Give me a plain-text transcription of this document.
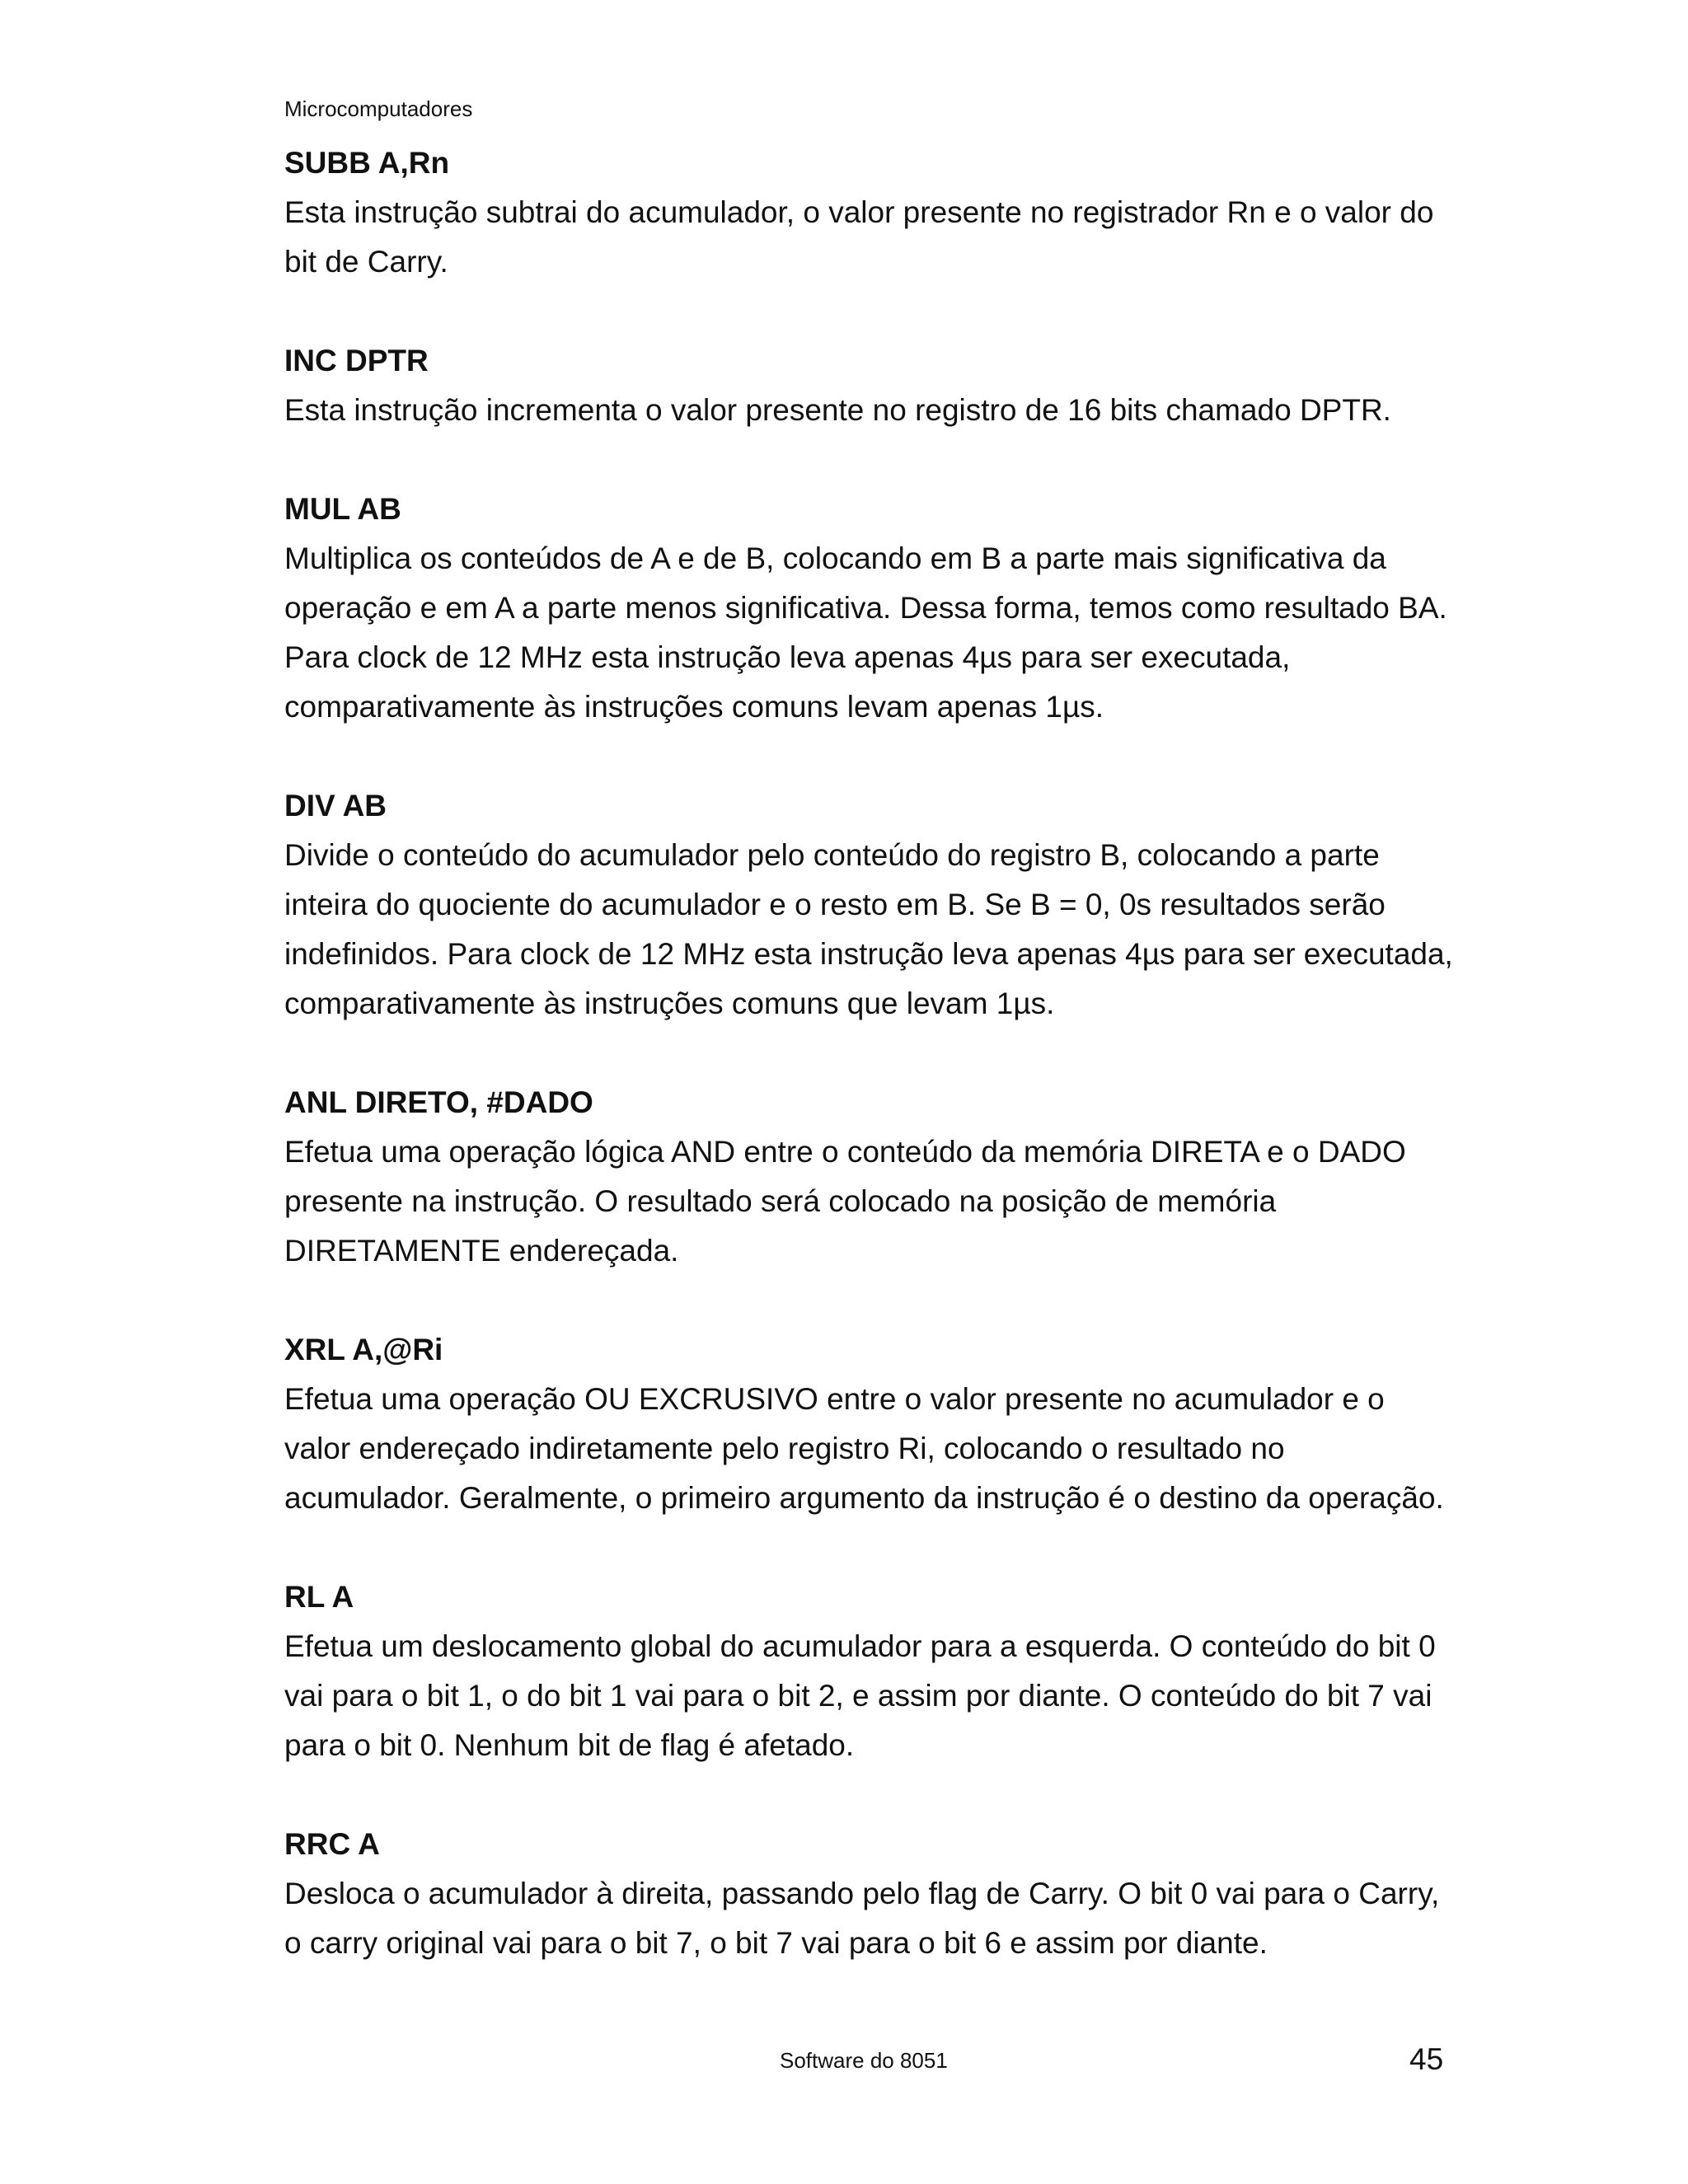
Microcomputadores

SUBB A,Rn

Esta instrução subtrai do acumulador, o valor presente no registrador Rn e o valor do bit de Carry.

INC DPTR

Esta instrução incrementa o valor presente no registro de 16 bits chamado DPTR.

MUL AB

Multiplica os conteúdos de A e de B, colocando em B a parte mais significativa da operação e em A a parte menos significativa. Dessa forma, temos como resultado BA. Para clock de 12 MHz esta instrução leva apenas 4µs para ser executada, comparativamente às instruções comuns levam apenas 1µs.

DIV AB

Divide o conteúdo do acumulador pelo conteúdo do registro B, colocando a parte inteira do quociente do acumulador e o resto em B. Se B = 0, 0s resultados serão indefinidos. Para clock de 12 MHz esta instrução leva apenas 4µs para ser executada, comparativamente às instruções comuns que levam 1µs.

ANL DIRETO, #DADO

Efetua uma operação lógica AND entre o conteúdo da memória DIRETA e o DADO presente na instrução. O resultado será colocado na posição de memória DIRETAMENTE endereçada.

XRL A,@Ri

Efetua uma operação OU EXCRUSIVO entre o valor presente no acumulador e o valor endereçado indiretamente pelo registro Ri, colocando o resultado no acumulador. Geralmente, o primeiro argumento da instrução é o destino da operação.

RL A

Efetua um deslocamento global do acumulador para a esquerda. O conteúdo do bit 0 vai para o bit 1, o do bit 1 vai para o bit 2, e assim por diante. O conteúdo do bit 7 vai para o bit 0. Nenhum bit de flag é afetado.

RRC A

Desloca o acumulador à direita, passando pelo flag de Carry. O bit 0 vai para o Carry, o carry original vai para o bit 7, o bit 7 vai para o bit 6 e assim por diante.

Software do 8051	45
